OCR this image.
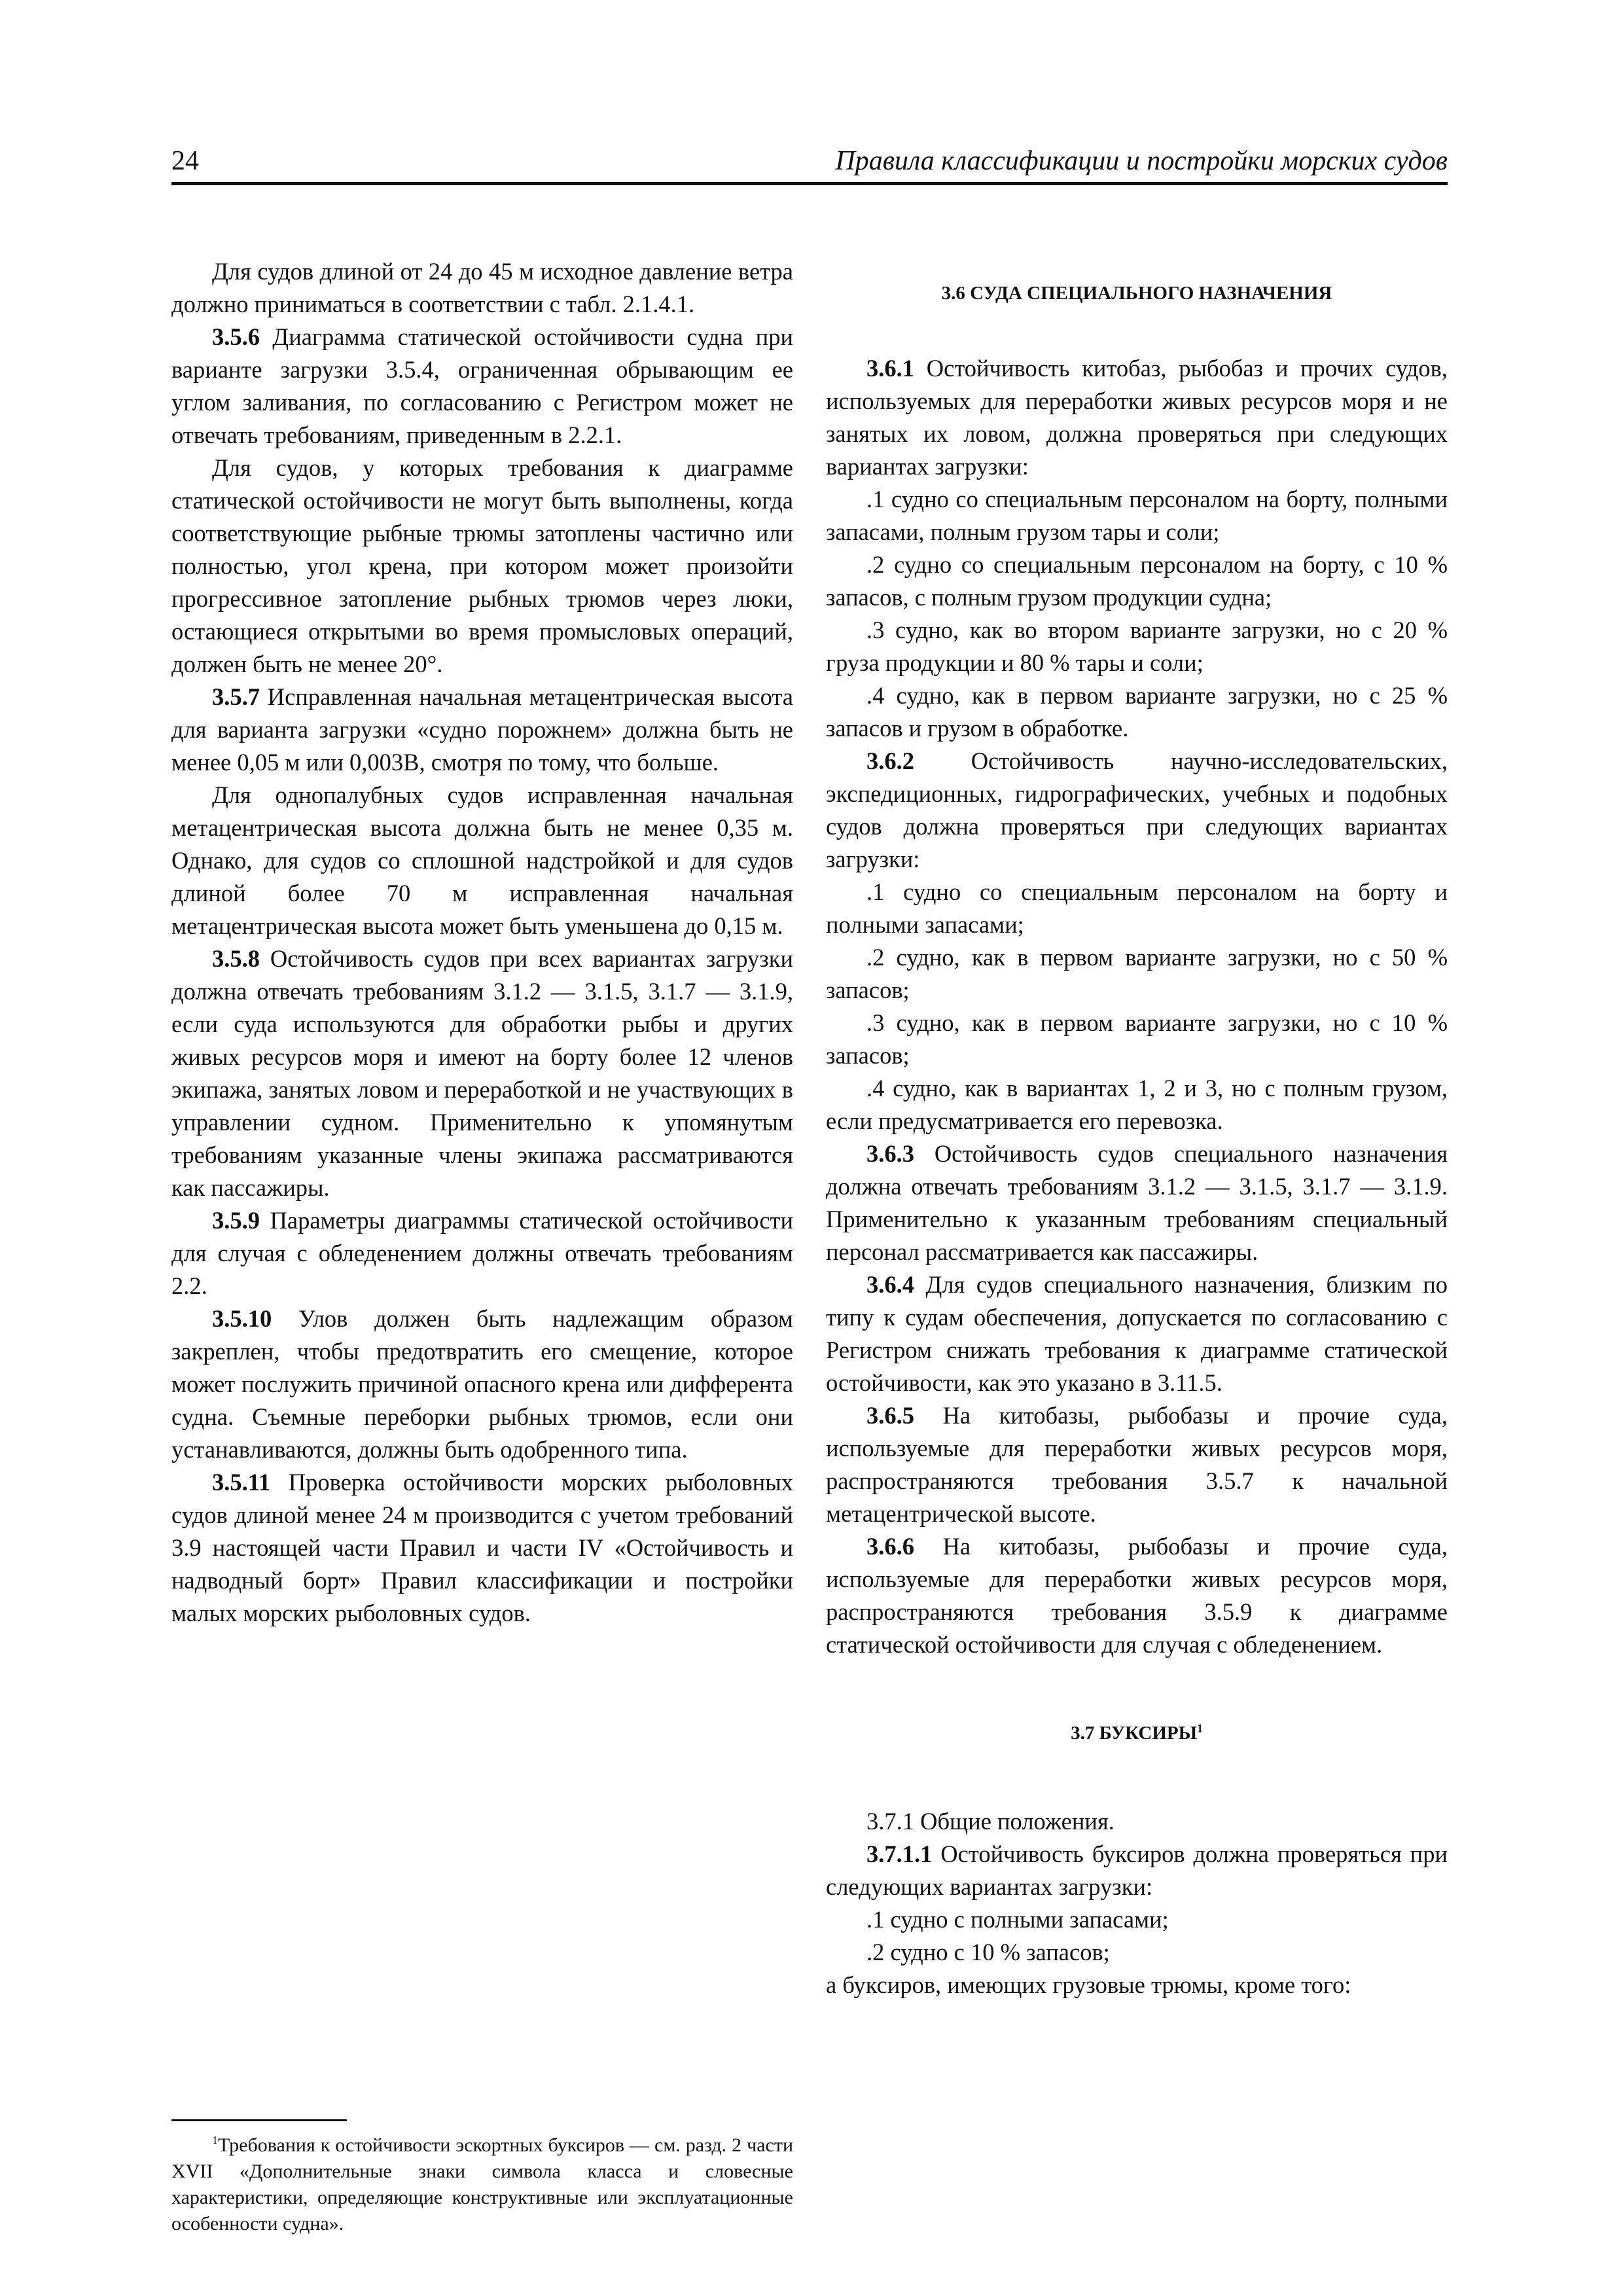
24	Правила классификации и постройки морских судов

Для судов длиной от 24 до 45 м исходное давление ветра должно приниматься в соответствии с табл. 2.1.4.1.

3.5.6 Диаграмма статической остойчивости судна при варианте загрузки 3.5.4, ограниченная обрывающим ее углом заливания, по согласованию с Регистром может не отвечать требованиям, приведенным в 2.2.1.

Для судов, у которых требования к диаграмме статической остойчивости не могут быть выполнены, когда соответствующие рыбные трюмы затоплены частично или полностью, угол крена, при котором может произойти прогрессивное затопление рыбных трюмов через люки, остающиеся открытыми во время промысловых операций, должен быть не менее 20°.

3.5.7 Исправленная начальная метацентрическая высота для варианта загрузки «судно порожнем» должна быть не менее 0,05 м или 0,003B, смотря по тому, что больше.

Для однопалубных судов исправленная начальная метацентрическая высота должна быть не менее 0,35 м. Однако, для судов со сплошной надстройкой и для судов длиной более 70 м исправленная начальная метацентрическая высота может быть уменьшена до 0,15 м.

3.5.8 Остойчивость судов при всех вариантах загрузки должна отвечать требованиям 3.1.2 — 3.1.5, 3.1.7 — 3.1.9, если суда используются для обработки рыбы и других живых ресурсов моря и имеют на борту более 12 членов экипажа, занятых ловом и переработкой и не участвующих в управлении судном. Применительно к упомянутым требованиям указанные члены экипажа рассматриваются как пассажиры.

3.5.9 Параметры диаграммы статической остойчивости для случая с обледенением должны отвечать требованиям 2.2.

3.5.10 Улов должен быть надлежащим образом закреплен, чтобы предотвратить его смещение, которое может послужить причиной опасного крена или дифферента судна. Съемные переборки рыбных трюмов, если они устанавливаются, должны быть одобренного типа.

3.5.11 Проверка остойчивости морских рыболовных судов длиной менее 24 м производится с учетом требований 3.9 настоящей части Правил и части IV «Остойчивость и надводный борт» Правил классификации и постройки малых морских рыболовных судов.

3.6 СУДА СПЕЦИАЛЬНОГО НАЗНАЧЕНИЯ

3.6.1 Остойчивость китобаз, рыбобаз и прочих судов, используемых для переработки живых ресурсов моря и не занятых их ловом, должна проверяться при следующих вариантах загрузки:

.1 судно со специальным персоналом на борту, полными запасами, полным грузом тары и соли;

.2 судно со специальным персоналом на борту, с 10 % запасов, с полным грузом продукции судна;

.3 судно, как во втором варианте загрузки, но с 20 % груза продукции и 80 % тары и соли;

.4 судно, как в первом варианте загрузки, но с 25 % запасов и грузом в обработке.

3.6.2 Остойчивость научно-исследовательских, экспедиционных, гидрографических, учебных и подобных судов должна проверяться при следующих вариантах загрузки:

.1 судно со специальным персоналом на борту и полными запасами;

.2 судно, как в первом варианте загрузки, но с 50 % запасов;

.3 судно, как в первом варианте загрузки, но с 10 % запасов;

.4 судно, как в вариантах 1, 2 и 3, но с полным грузом, если предусматривается его перевозка.

3.6.3 Остойчивость судов специального назначения должна отвечать требованиям 3.1.2 — 3.1.5, 3.1.7 — 3.1.9. Применительно к указанным требованиям специальный персонал рассматривается как пассажиры.

3.6.4 Для судов специального назначения, близким по типу к судам обеспечения, допускается по согласованию с Регистром снижать требования к диаграмме статической остойчивости, как это указано в 3.11.5.

3.6.5 На китобазы, рыбобазы и прочие суда, используемые для переработки живых ресурсов моря, распространяются требования 3.5.7 к начальной метацентрической высоте.

3.6.6 На китобазы, рыбобазы и прочие суда, используемые для переработки живых ресурсов моря, распространяются требования 3.5.9 к диаграмме статической остойчивости для случая с обледенением.

3.7 БУКСИРЫ$^1$

3.7.1 Общие положения.

3.7.1.1 Остойчивость буксиров должна проверяться при следующих вариантах загрузки:

.1 судно с полными запасами;

.2 судно с 10 % запасов;

а буксиров, имеющих грузовые трюмы, кроме того:

$^1$Требования к остойчивости эскортных буксиров — см. разд. 2 части XVII «Дополнительные знаки символа класса и словесные характеристики, определяющие конструктивные или эксплуатационные особенности судна».
